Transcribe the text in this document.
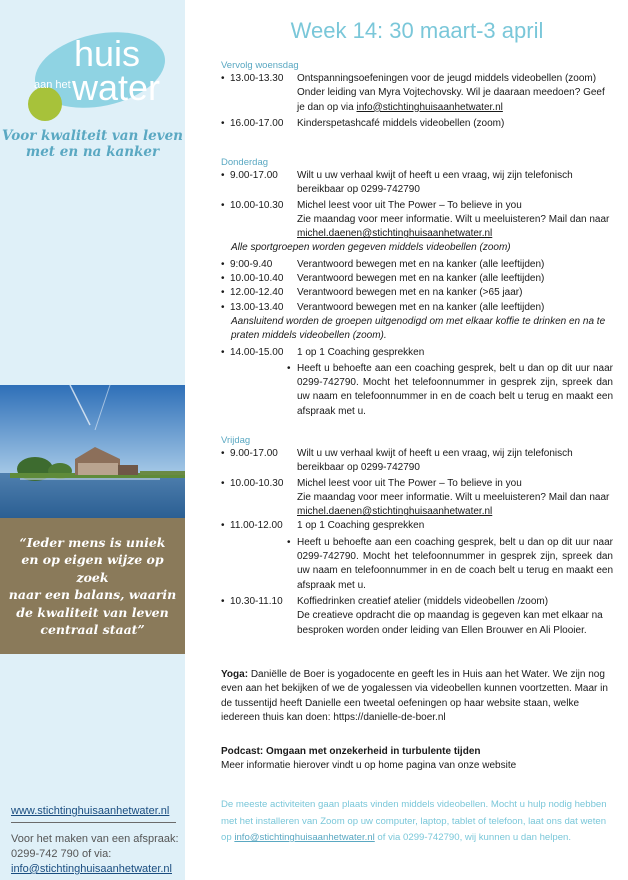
huis
aan het water
Voor kwaliteit van leven
met en na kanker
“Ieder mens is uniek
en op eigen wijze op zoek
naar een balans, waarin
de kwaliteit van leven
centraal staat”
www.stichtinghuisaanhetwater.nl
Voor het maken van een afspraak:
0299-742 790 of via:
info@stichtinghuisaanhetwater.nl
Week 14: 30 maart-3 april
Vervolg woensdag
• 13.00-13.30	Ontspanningsoefeningen voor de jeugd middels videobellen (zoom) Onder leiding van Myra Vojtechovsky. Wil je daaraan meedoen? Geef je dan op via info@stichtinghuisaanhetwater.nl
• 16.00-17.00	Kinderspetashcafé middels videobellen (zoom)
Donderdag
• 9.00-17.00	Wilt u uw verhaal kwijt of heeft u een vraag, wij zijn telefonisch bereikbaar op 0299-742790
• 10.00-10.30	Michel leest voor uit The Power – To believe in you
Zie maandag voor meer informatie. Wilt u meeluisteren? Mail dan naar michel.daenen@stichtinghuisaanhetwater.nl
Alle sportgroepen worden gegeven middels videobellen (zoom)
• 9:00-9.40	Verantwoord bewegen met en na kanker (alle leeftijden)
• 10.00-10.40	Verantwoord bewegen met en na kanker (alle leeftijden)
• 12.00-12.40	Verantwoord bewegen met en na kanker (>65 jaar)
• 13.00-13.40	Verantwoord bewegen met en na kanker (alle leeftijden)
Aansluitend worden de groepen uitgenodigd om met elkaar koffie te drinken en na te praten middels videobellen (zoom).
• 14.00-15.00	1 op 1 Coaching gesprekken
• Heeft u behoefte aan een coaching gesprek, belt u dan op dit uur naar 0299-742790. Mocht het telefoonnummer in gesprek zijn, spreek dan uw naam en telefoonnummer in en de coach belt u terug en maakt een afspraak met u.
Vrijdag
• 9.00-17.00	Wilt u uw verhaal kwijt of heeft u een vraag, wij zijn telefonisch bereikbaar op 0299-742790
• 10.00-10.30	Michel leest voor uit The Power – To believe in you
Zie maandag voor meer informatie. Wilt u meeluisteren? Mail dan naar michel.daenen@stichtinghuisaanhetwater.nl
• 11.00-12.00	1 op 1 Coaching gesprekken
• Heeft u behoefte aan een coaching gesprek, belt u dan op dit uur naar 0299-742790. Mocht het telefoonnummer in gesprek zijn, spreek dan uw naam en telefoonnummer in en de coach belt u terug en maakt een afspraak met u.
• 10.30-11.10	Koffiedrinken creatief atelier (middels videobellen /zoom)
De creatieve opdracht die op maandag is gegeven kan met elkaar na besproken worden onder leiding van Ellen Brouwer en Ali Plooier.
Yoga: Daniëlle de Boer is yogadocente en geeft les in Huis aan het Water. We zijn nog even aan het bekijken of we de yogalessen via videobellen kunnen voortzetten. Maar in de tussentijd heeft Danielle een tweetal oefeningen op haar website staan, welke iedereen thuis kan doen: https://danielle-de-boer.nl
Podcast: Omgaan met onzekerheid in turbulente tijden
Meer informatie hierover vindt u op home pagina van onze website
De meeste activiteiten gaan plaats vinden middels videobellen. Mocht u hulp nodig hebben met het installeren van Zoom op uw computer, laptop, tablet of telefoon, laat ons dat weten op info@stichtinghuisaanhetwater.nl of via 0299-742790, wij kunnen u dan helpen.
